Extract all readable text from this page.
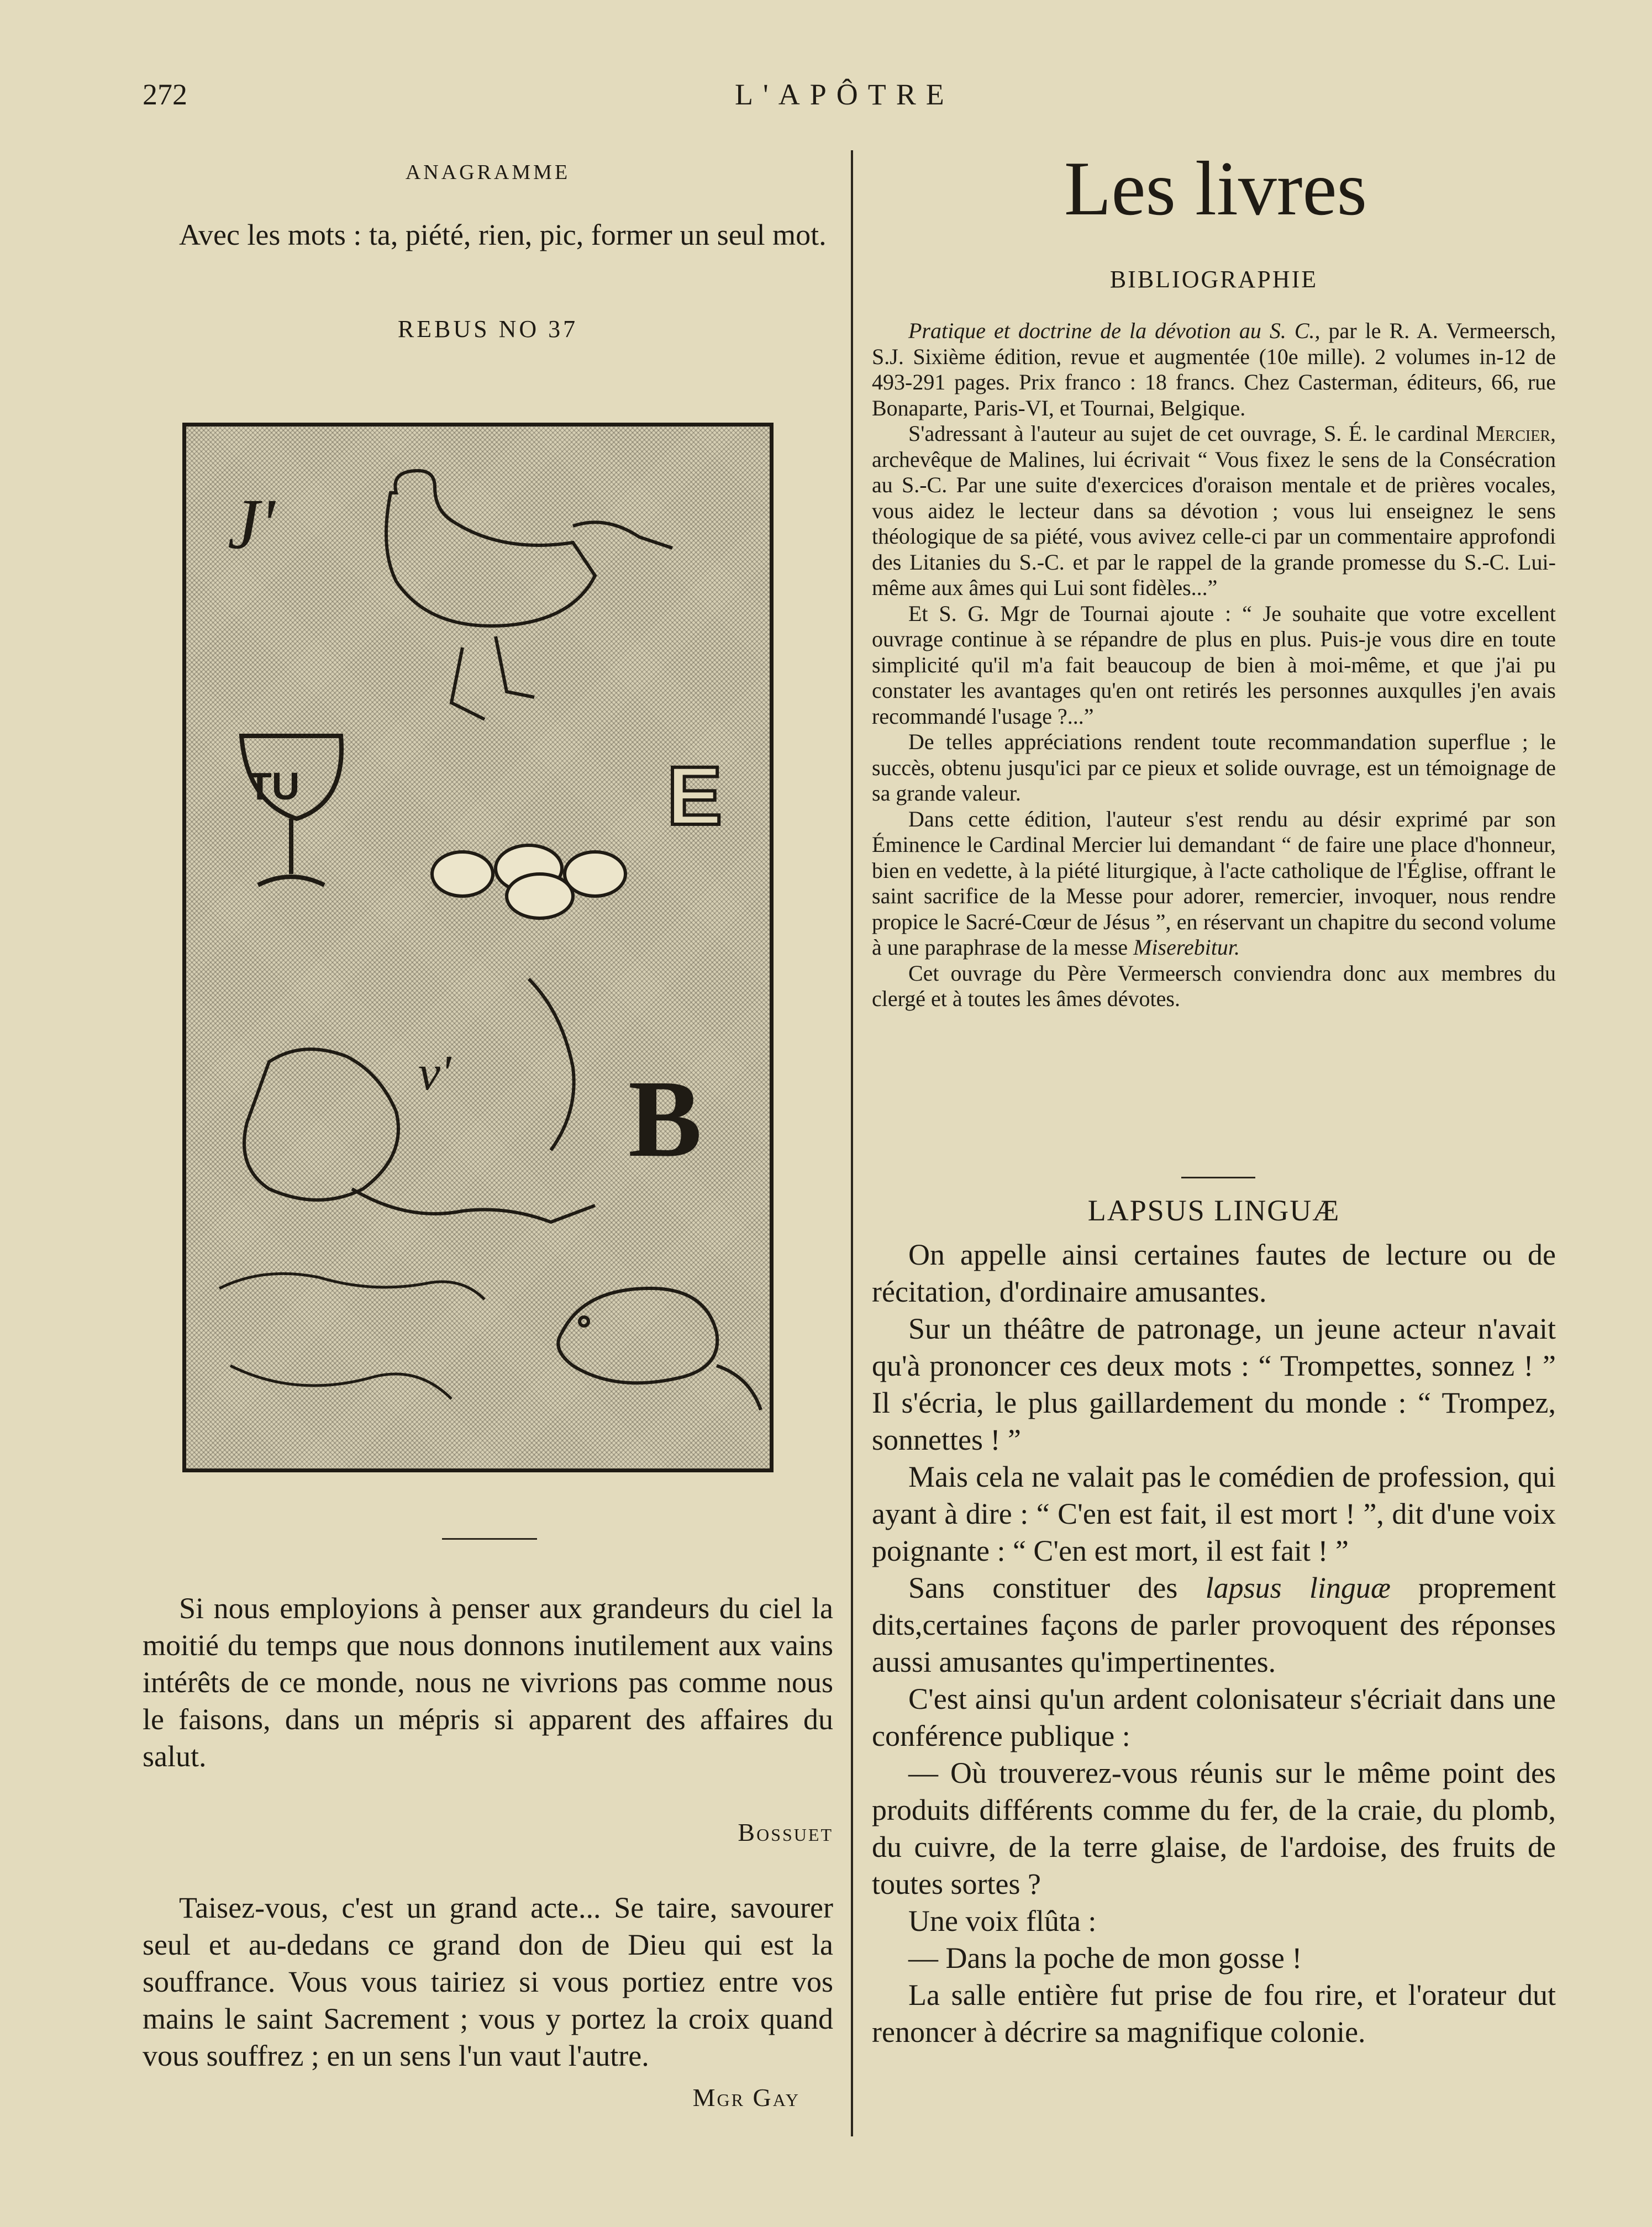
272	L'APÔTRE
ANAGRAMME

Avec les mots : ta, piété, rien, pic, former un seul mot.

REBUS NO 37
J'
TU	E
v' B

Si nous employions à penser aux grandeurs du ciel la moitié du temps que nous donnons inutilement aux vains intérêts de ce monde, nous ne vivrions pas comme nous le faisons, dans un mépris si apparent des affaires du salut.

Bossuet

Taisez-vous, c'est un grand acte... Se taire, savourer seul et au-dedans ce grand don de Dieu qui est la souffrance. Vous vous tairiez si vous portiez entre vos mains le saint Sacrement ; vous y portez la croix quand vous souffrez ; en un sens l'un vaut l'autre.

Mgr Gay
Les livres
BIBLIOGRAPHIE

Pratique et doctrine de la dévotion au S. C., par le R. A. Vermeersch, S.J. Sixième édition, revue et augmentée (10e mille). 2 volumes in-12 de 493-291 pages. Prix franco : 18 francs. Chez Casterman, éditeurs, 66, rue Bonaparte, Paris-VI, et Tournai, Belgique.

S'adressant à l'auteur au sujet de cet ouvrage, S. É. le cardinal Mercier, archevêque de Malines, lui écrivait “ Vous fixez le sens de la Consécration au S.-C. Par une suite d'exercices d'oraison mentale et de prières vocales, vous aidez le lecteur dans sa dévotion ; vous lui enseignez le sens théologique de sa piété, vous avivez celle-ci par un commentaire approfondi des Litanies du S.-C. et par le rappel de la grande promesse du S.-C. Lui-même aux âmes qui Lui sont fidèles...”

Et S. G. Mgr de Tournai ajoute : “ Je souhaite que votre excellent ouvrage continue à se répandre de plus en plus. Puis-je vous dire en toute simplicité qu'il m'a fait beaucoup de bien à moi-même, et que j'ai pu constater les avantages qu'en ont retirés les personnes auxqulles j'en avais recommandé l'usage ?...”

De telles appréciations rendent toute recommandation superflue ; le succès, obtenu jusqu'ici par ce pieux et solide ouvrage, est un témoignage de sa grande valeur.

Dans cette édition, l'auteur s'est rendu au désir exprimé par son Éminence le Cardinal Mercier lui demandant “ de faire une place d'honneur, bien en vedette, à la piété liturgique, à l'acte catholique de l'Église, offrant le saint sacrifice de la Messe pour adorer, remercier, invoquer, nous rendre propice le Sacré-Cœur de Jésus ”, en réservant un chapitre du second volume à une paraphrase de la messe Miserebitur.

Cet ouvrage du Père Vermeersch conviendra donc aux membres du clergé et à toutes les âmes dévotes.

LAPSUS LINGUÆ

On appelle ainsi certaines fautes de lecture ou de récitation, d'ordinaire amusantes.

Sur un théâtre de patronage, un jeune acteur n'avait qu'à prononcer ces deux mots : “ Trompettes, sonnez ! ” Il s'écria, le plus gaillardement du monde : “ Trompez, sonnettes ! ”

Mais cela ne valait pas le comédien de profession, qui ayant à dire : “ C'en est fait, il est mort ! ”, dit d'une voix poignante : “ C'en est mort, il est fait ! ”

Sans constituer des lapsus linguæ proprement dits,certaines façons de parler provoquent des réponses aussi amusantes qu'impertinentes.

C'est ainsi qu'un ardent colonisateur s'écriait dans une conférence publique :

— Où trouverez-vous réunis sur le même point des produits différents comme du fer, de la craie, du plomb, du cuivre, de la terre glaise, de l'ardoise, des fruits de toutes sortes ?

Une voix flûta :

— Dans la poche de mon gosse !

La salle entière fut prise de fou rire, et l'orateur dut renoncer à décrire sa magnifique colonie.
